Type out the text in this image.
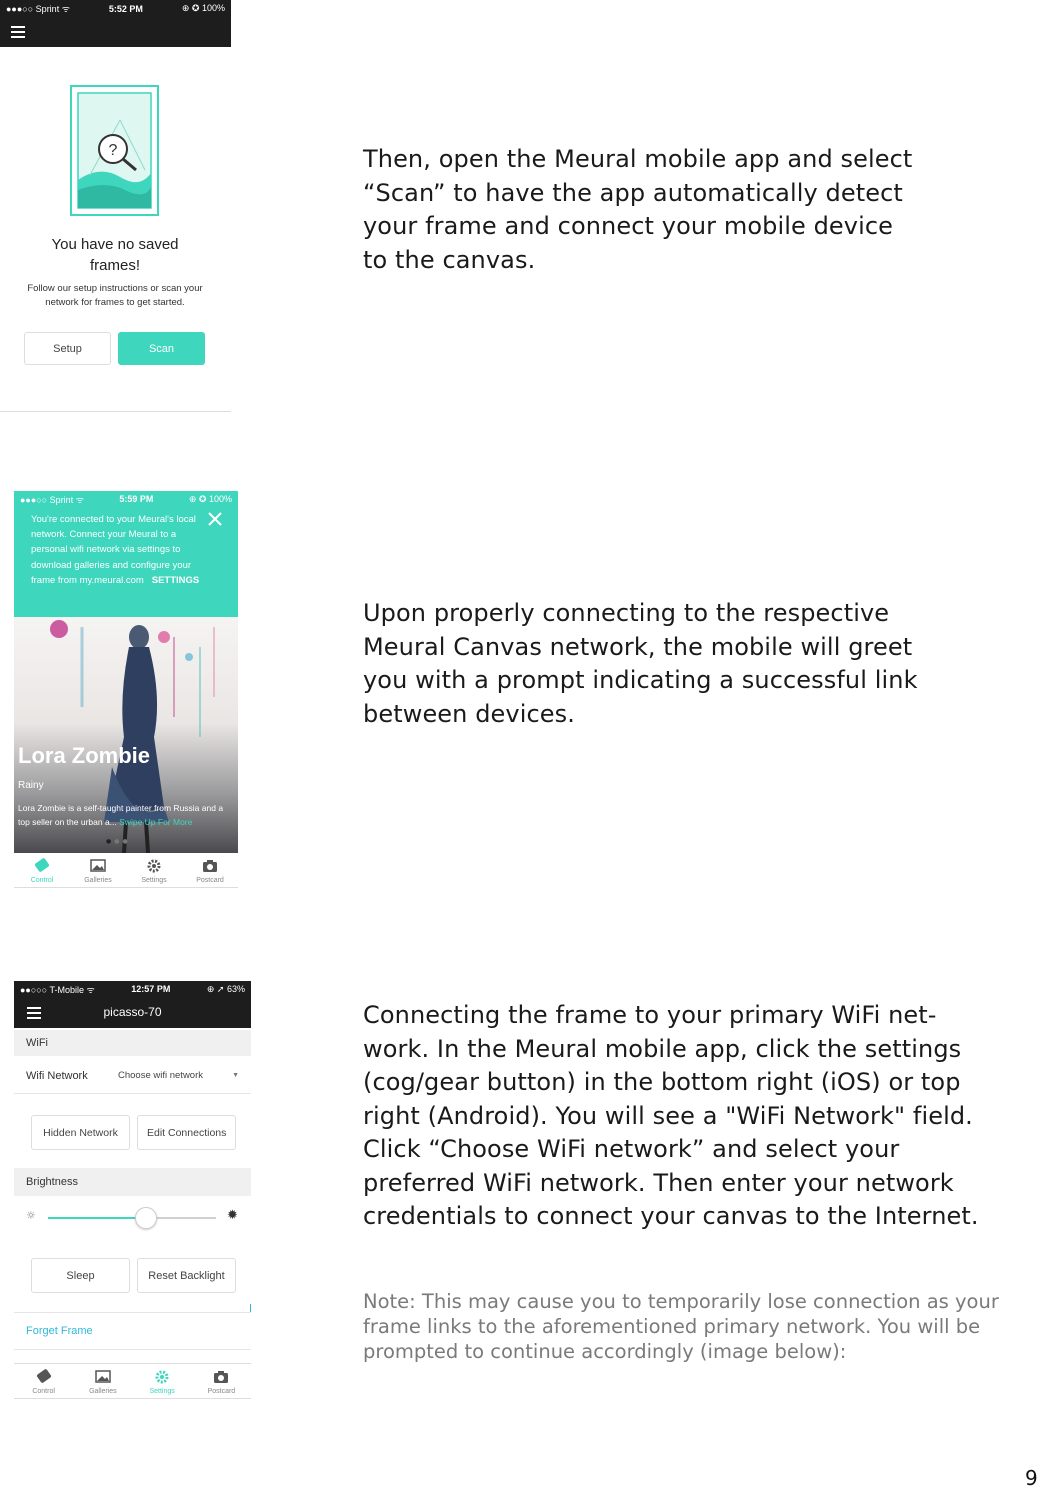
●●●○○ Sprint ᯤ	5:52 PM	⊕ ✪ 100%
?
You have no saved frames!
Follow our setup instructions or scan your network for frames to get started.
Setup	Scan
Then, open the Meural mobile app and select “Scan” to have the app automatically detect your frame and connect your mobile device to the canvas.
●●●○○ Sprint ᯤ	5:59 PM	⊕ ✪ 100%
You're connected to your Meural's local network. Connect your Meural to a personal wifi network via settings to download galleries and configure your frame from my.meural.com SETTINGS
Lora Zombie
Rainy
Lora Zombie is a self-taught painter from Russia and a top seller on the urban a... Swipe Up For More
●●●
Control	Galleries	Settings	Postcard
Upon properly connecting to the respective Meural Canvas network, the mobile will greet you with a prompt indicating a successful link between devices.
●●○○○ T-Mobile ᯤ	12:57 PM	⊕ ➚ 63%
picasso-70
WiFi
Wifi Network	Choose wifi network	▼
Hidden Network	Edit Connections
Brightness
☼	✹
Sleep	Reset Backlight
Forget Frame
Control	Galleries	Settings	Postcard
Connecting the frame to your primary WiFi net- work. In the Meural mobile app, click the settings (cog/gear button) in the bottom right (iOS) or top right (Android). You will see a "WiFi Network" field. Click “Choose WiFi network” and select your preferred WiFi network. Then enter your network credentials to connect your canvas to the Internet.
Note: This may cause you to temporarily lose connection as your frame links to the aforementioned primary network. You will be prompted to continue accordingly (image below):
9
